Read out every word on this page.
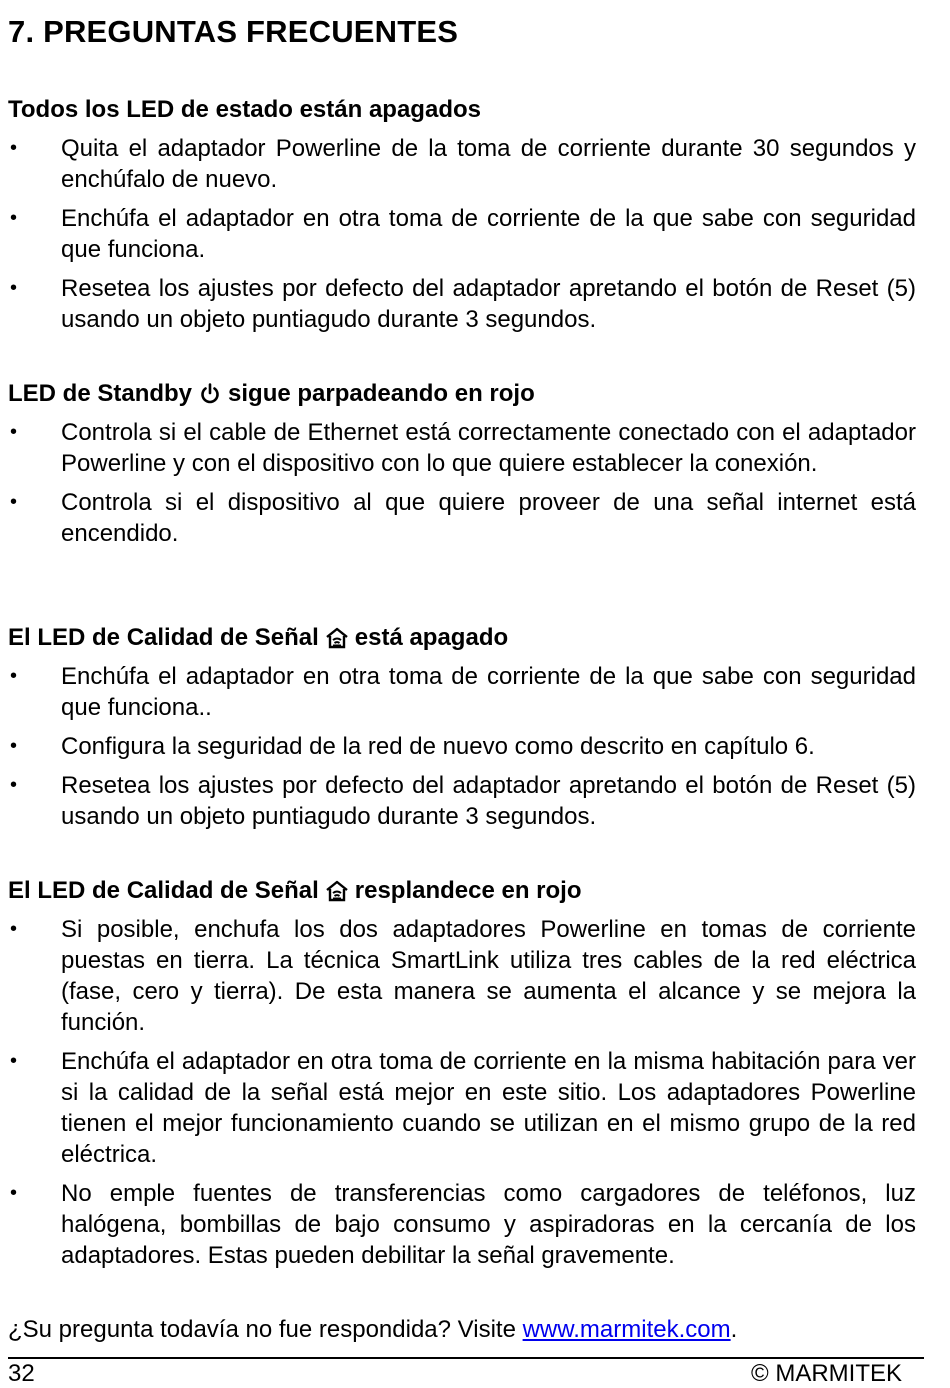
7. PREGUNTAS FRECUENTES
Todos los LED de estado están apagados
• Quita el adaptador Powerline de la toma de corriente durante 30 segundos y enchúfalo de nuevo.
• Enchúfa el adaptador en otra toma de corriente de la que sabe con seguridad que funciona.
• Resetea los ajustes por defecto del adaptador apretando el botón de Reset (5) usando un objeto puntiagudo durante 3 segundos.
LED de Standby sigue parpadeando en rojo
• Controla si el cable de Ethernet está correctamente conectado con el adaptador Powerline y con el dispositivo con lo que quiere establecer la conexión.
• Controla si el dispositivo al que quiere proveer de una señal internet está encendido.
El LED de Calidad de Señal está apagado
• Enchúfa el adaptador en otra toma de corriente de la que sabe con seguridad que funciona..
• Configura la seguridad de la red de nuevo como descrito en capítulo 6.
• Resetea los ajustes por defecto del adaptador apretando el botón de Reset (5) usando un objeto puntiagudo durante 3 segundos.
El LED de Calidad de Señal resplandece en rojo
• Si posible, enchufa los dos adaptadores Powerline en tomas de corriente puestas en tierra. La técnica SmartLink utiliza tres cables de la red eléctrica (fase, cero y tierra). De esta manera se aumenta el alcance y se mejora la función.
• Enchúfa el adaptador en otra toma de corriente en la misma habitación para ver si la calidad de la señal está mejor en este sitio. Los adaptadores Powerline tienen el mejor funcionamiento cuando se utilizan en el mismo grupo de la red eléctrica.
• No emple fuentes de transferencias como cargadores de teléfonos, luz halógena, bombillas de bajo consumo y aspiradoras en la cercanía de los adaptadores. Estas pueden debilitar la señal gravemente.
¿Su pregunta todavía no fue respondida? Visite www.marmitek.com.
32	© MARMITEK
